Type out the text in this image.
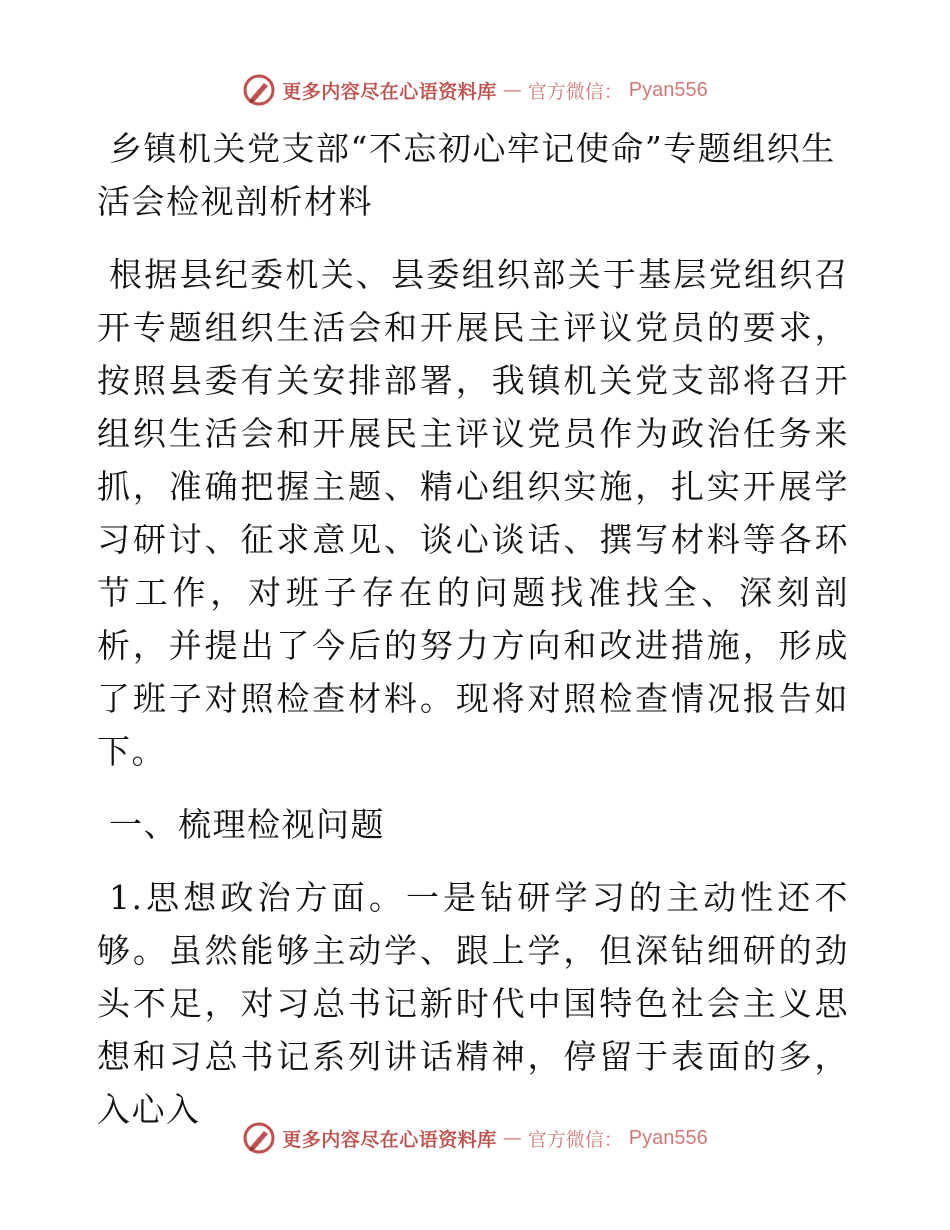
更多内容尽在心语资料库 — 官方微信： Pyan556
乡镇机关党支部“不忘初心牢记使命”专题组织生活会检视剖析材料

根据县纪委机关、县委组织部关于基层党组织召开专题组织生活会和开展民主评议党员的要求，按照县委有关安排部署，我镇机关党支部将召开组织生活会和开展民主评议党员作为政治任务来抓，准确把握主题、精心组织实施，扎实开展学习研讨、征求意见、谈心谈话、撰写材料等各环节工作，对班子存在的问题找准找全、深刻剖析，并提出了今后的努力方向和改进措施，形成了班子对照检查材料。现将对照检查情况报告如下。

一、梳理检视问题

1.思想政治方面。一是钻研学习的主动性还不够。虽然能够主动学、跟上学，但深钻细研的劲头不足，对习总书记新时代中国特色社会主义思想和习总书记系列讲话精神，停留于表面的多，入心入

更多内容尽在心语资料库 — 官方微信： Pyan556
